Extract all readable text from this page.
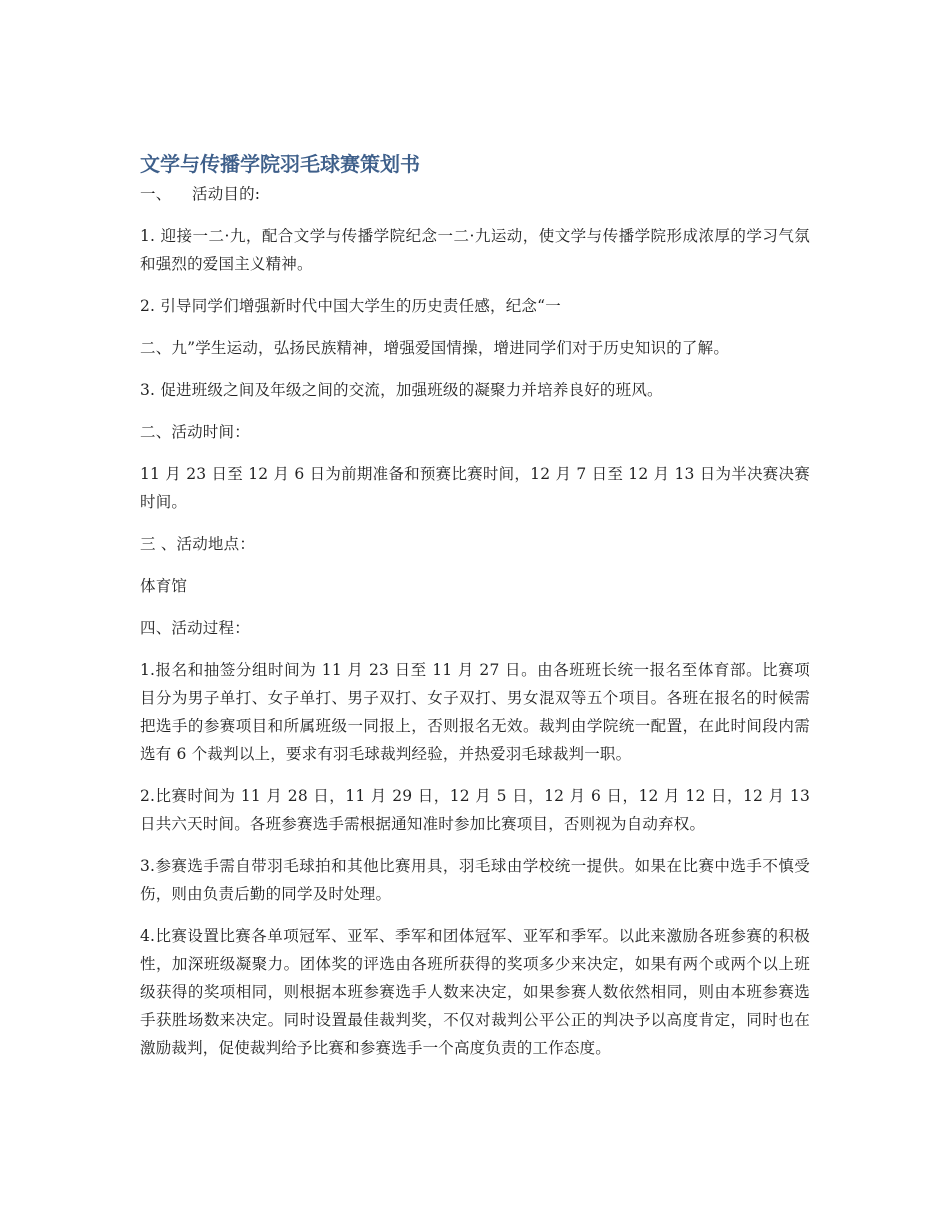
文学与传播学院羽毛球赛策划书
一、 活动目的:

1. 迎接一二·九，配合文学与传播学院纪念一二·九运动，使文学与传播学院形成浓厚的学习气氛和强烈的爱国主义精神。

2. 引导同学们增强新时代中国大学生的历史责任感，纪念“一

二、九”学生运动，弘扬民族精神，增强爱国情操，增进同学们对于历史知识的了解。

3. 促进班级之间及年级之间的交流，加强班级的凝聚力并培养良好的班风。

二、活动时间：

11 月 23 日至 12 月 6 日为前期准备和预赛比赛时间，12 月 7 日至 12 月 13 日为半决赛决赛时间。

三 、活动地点：

体育馆

四、活动过程：

1.报名和抽签分组时间为 11 月 23 日至 11 月 27 日。由各班班长统一报名至体育部。比赛项目分为男子单打、女子单打、男子双打、女子双打、男女混双等五个项目。各班在报名的时候需把选手的参赛项目和所属班级一同报上，否则报名无效。裁判由学院统一配置，在此时间段内需选有 6 个裁判以上，要求有羽毛球裁判经验，并热爱羽毛球裁判一职。

2.比赛时间为 11 月 28 日，11 月 29 日，12 月 5 日，12 月 6 日，12 月 12 日，12 月 13 日共六天时间。各班参赛选手需根据通知准时参加比赛项目，否则视为自动弃权。

3.参赛选手需自带羽毛球拍和其他比赛用具，羽毛球由学校统一提供。如果在比赛中选手不慎受伤，则由负责后勤的同学及时处理。

4.比赛设置比赛各单项冠军、亚军、季军和团体冠军、亚军和季军。以此来激励各班参赛的积极性，加深班级凝聚力。团体奖的评选由各班所获得的奖项多少来决定，如果有两个或两个以上班级获得的奖项相同，则根据本班参赛选手人数来决定，如果参赛人数依然相同，则由本班参赛选手获胜场数来决定。同时设置最佳裁判奖，不仅对裁判公平公正的判决予以高度肯定，同时也在激励裁判，促使裁判给予比赛和参赛选手一个高度负责的工作态度。
